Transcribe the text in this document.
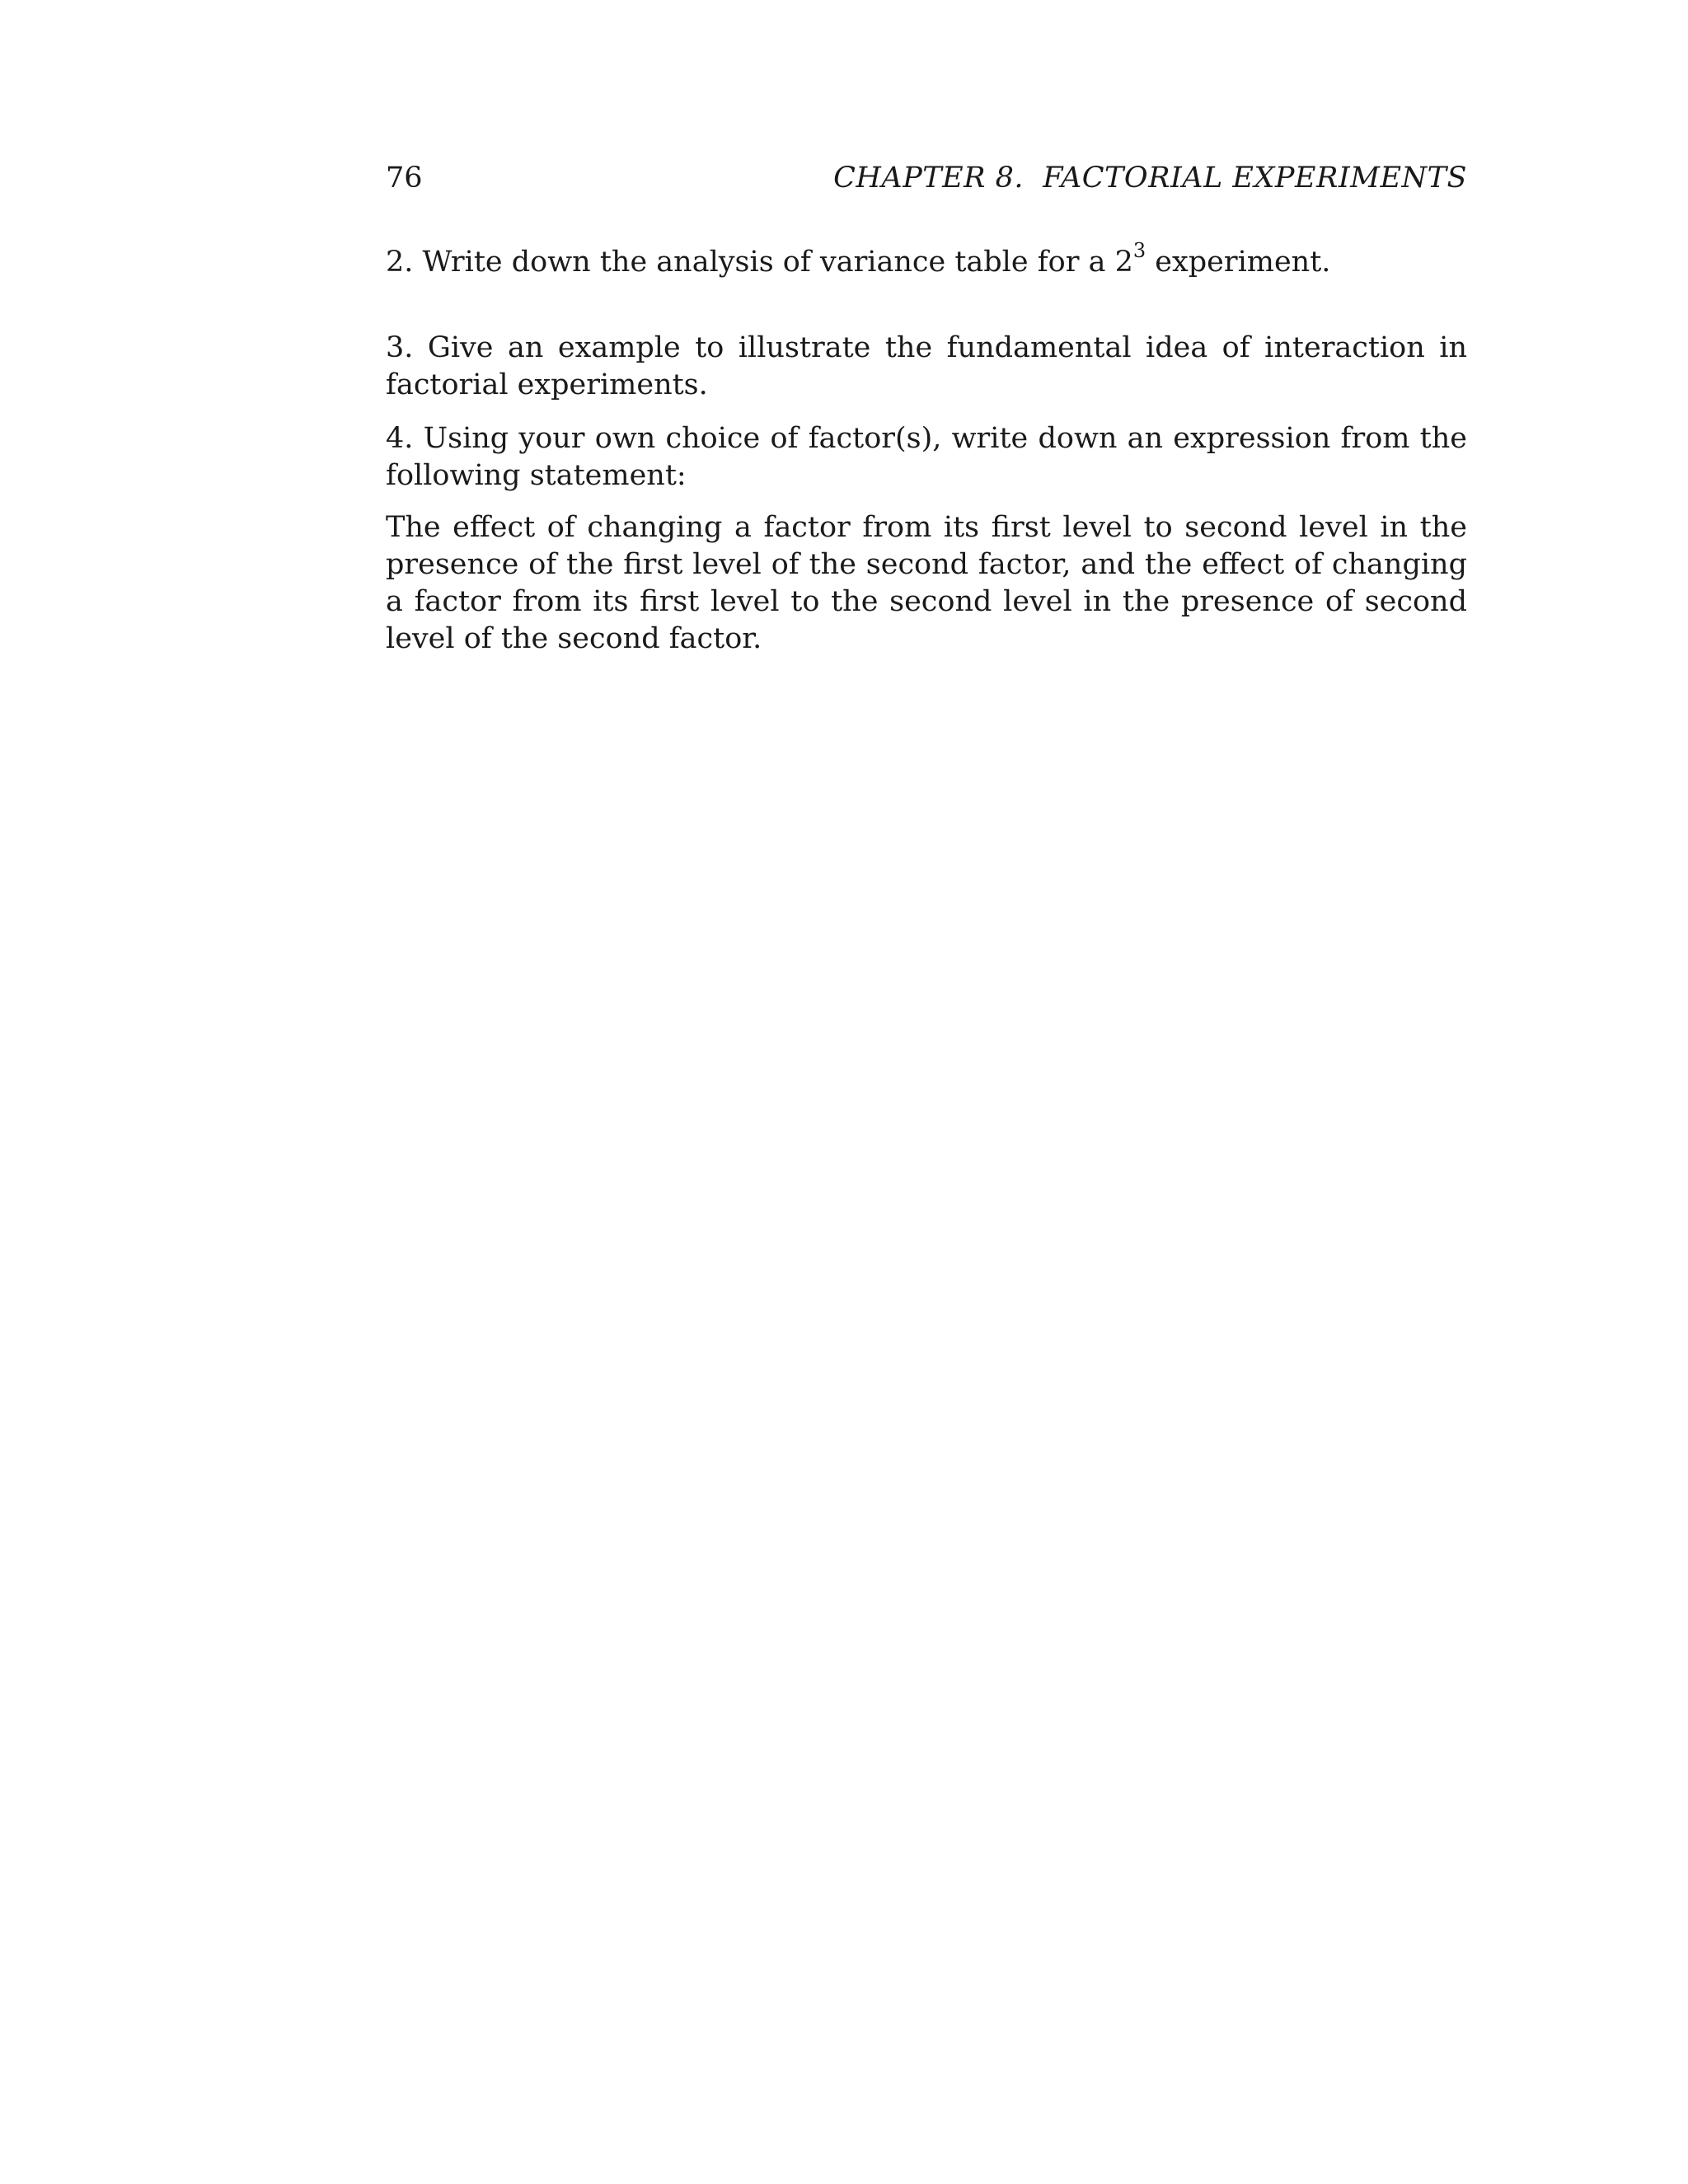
76	CHAPTER 8.  FACTORIAL EXPERIMENTS

2. Write down the analysis of variance table for a $2^3$ experiment.

3. Give an example to illustrate the fundamental idea of interaction in factorial experiments.

4. Using your own choice of factor(s), write down an expression from the following statement:

The effect of changing a factor from its first level to second level in the presence of the first level of the second factor, and the effect of changing a factor from its first level to the second level in the presence of second level of the second factor.
